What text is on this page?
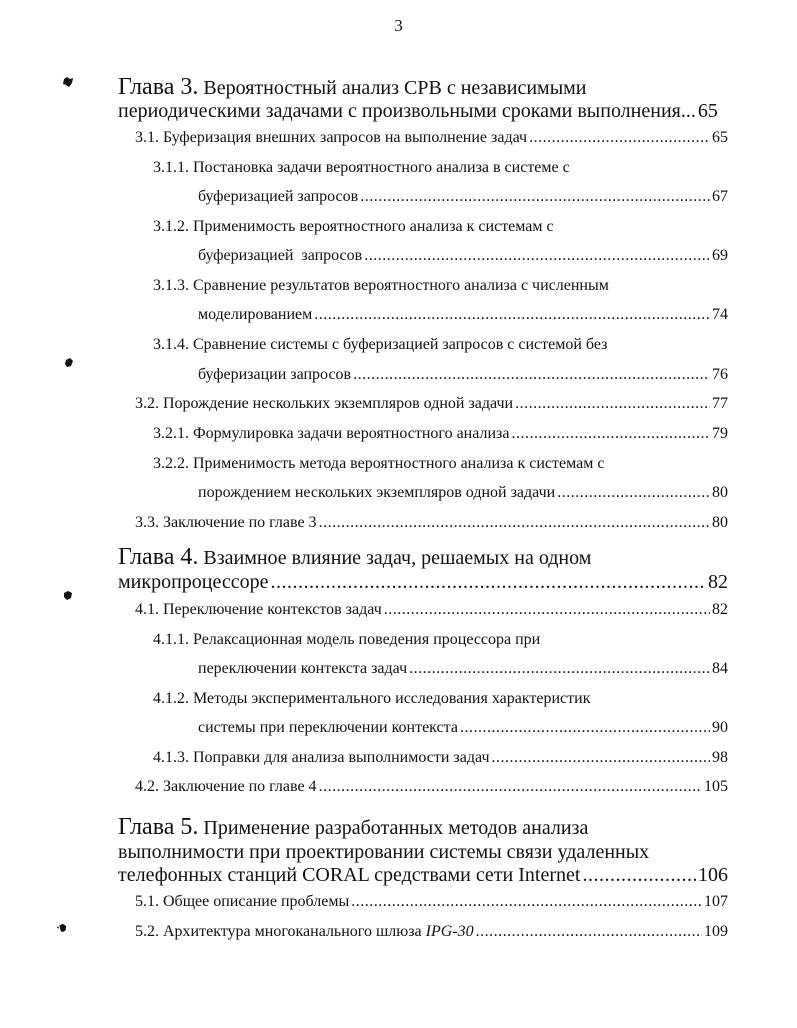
3
Глава 3. Вероятностный анализ СРВ с независимыми
периодическими задачами с произвольными сроками выполнения ... 65
3.1.
Буферизация внешних запросов на выполнение задач .....	65
3.1.1. Постановка задачи вероятностного анализа в системе с
буферизацией запросов .....	67
3.1.2. Применимость вероятностного анализа к системам с
буферизацией  запросов .....	69
3.1.3. Сравнение результатов вероятностного анализа с численным
моделированием .....	74
3.1.4. Сравнение системы с буферизацией запросов с системой без
буферизации запросов .....	76
3.2.
Порождение нескольких экземпляров одной задачи .....	77
3.2.1.
Формулировка задачи вероятностного анализа .....	79
3.2.2. Применимость метода вероятностного анализа к системам с
порождением нескольких экземпляров одной задачи .....	80
3.3.
Заключение по главе 3 .....	80
Глава 4. Взаимное влияние задач, решаемых на одном
микропроцессоре .....	82
4.1.
Переключение контекстов задач .....	82
4.1.1. Релаксационная модель поведения процессора при
переключении контекста задач .....	84
4.1.2. Методы экспериментального исследования характеристик
системы при переключении контекста .....	90
4.1.3.
Поправки для анализа выполнимости задач .....	98
4.2.
Заключение по главе 4 .....	105
Глава 5. Применение разработанных методов анализа
выполнимости при проектировании системы связи удаленных
телефонных станций CORAL средствами сети Internet .....	106
5.1.
Общее описание проблемы .....	107
5.2.
Архитектура многоканального шлюза IPG-30 .....	109
